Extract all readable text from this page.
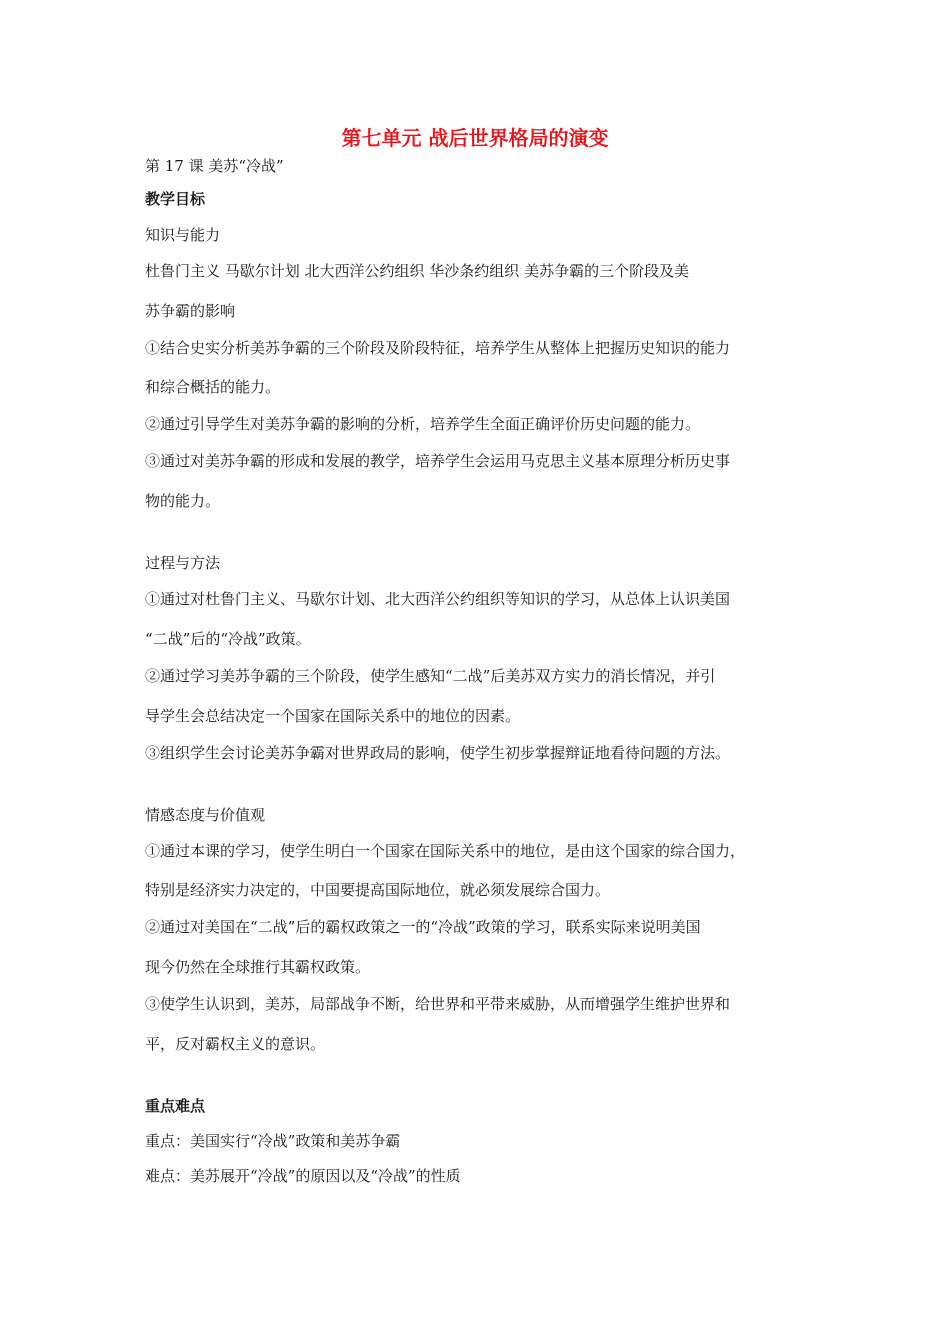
第七单元 战后世界格局的演变
第 17 课 美苏“冷战”
教学目标
知识与能力
杜鲁门主义 马歇尔计划 北大西洋公约组织 华沙条约组织 美苏争霸的三个阶段及美
苏争霸的影响
①结合史实分析美苏争霸的三个阶段及阶段特征，培养学生从整体上把握历史知识的能力
和综合概括的能力。
②通过引导学生对美苏争霸的影响的分析，培养学生全面正确评价历史问题的能力。
③通过对美苏争霸的形成和发展的教学，培养学生会运用马克思主义基本原理分析历史事
物的能力。
过程与方法
①通过对杜鲁门主义、马歇尔计划、北大西洋公约组织等知识的学习，从总体上认识美国
“二战”后的“冷战”政策。
②通过学习美苏争霸的三个阶段，使学生感知“二战”后美苏双方实力的消长情况，并引
导学生会总结决定一个国家在国际关系中的地位的因素。
③组织学生会讨论美苏争霸对世界政局的影响，使学生初步掌握辩证地看待问题的方法。
情感态度与价值观
①通过本课的学习，使学生明白一个国家在国际关系中的地位，是由这个国家的综合国力，
特别是经济实力决定的，中国要提高国际地位，就必须发展综合国力。
②通过对美国在“二战”后的霸权政策之一的“冷战”政策的学习，联系实际来说明美国
现今仍然在全球推行其霸权政策。
③使学生认识到，美苏，局部战争不断，给世界和平带来威胁，从而增强学生维护世界和
平，反对霸权主义的意识。
重点难点
重点：美国实行“冷战”政策和美苏争霸
难点：美苏展开“冷战”的原因以及“冷战”的性质
